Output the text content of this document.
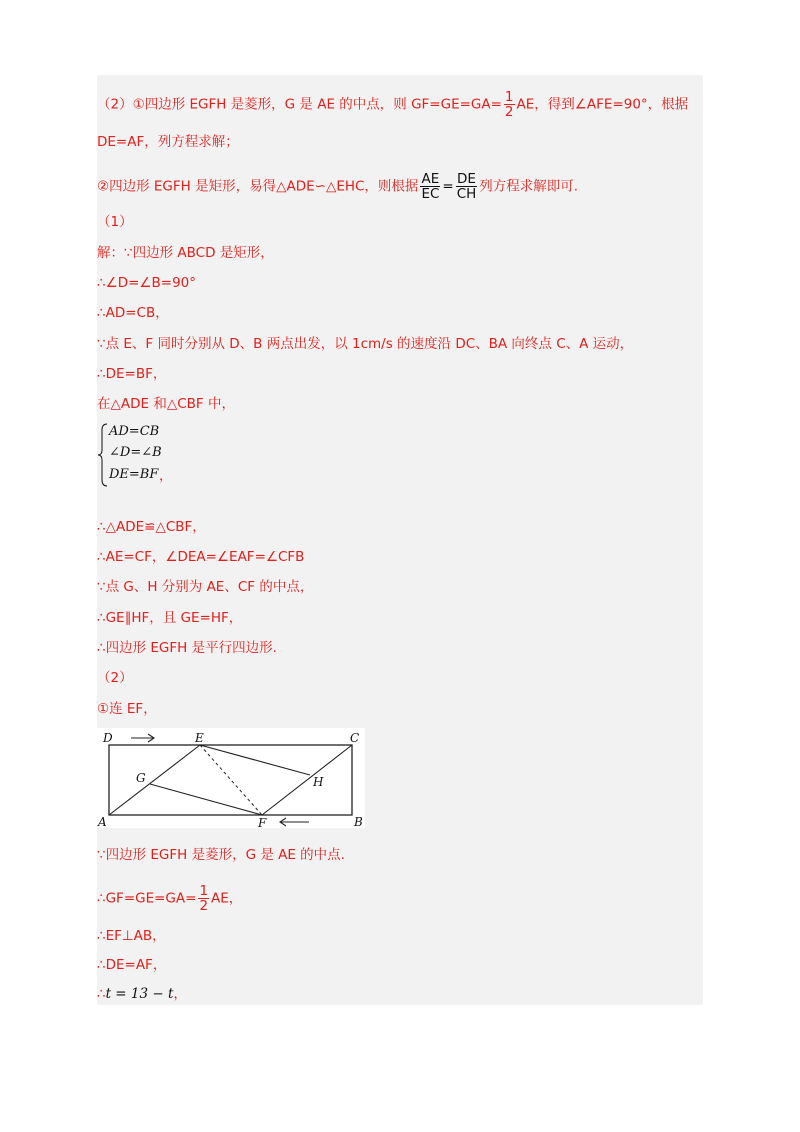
（2）①四边形 EGFH 是菱形，G 是 AE 的中点，则 $GF=GE=GA= \frac{1}{2}$ AE，得到∠AFE=90°，根据
DE=AF，列方程求解；
②四边形 EGFH 是矩形，易得△ADE∽△EHC，则根据 $\frac{AE}{EC} = \frac{DE}{CH}$ 列方程求解即可.
（1）
解：∵四边形 ABCD 是矩形，
∴∠D=∠B=90°
∴AD=CB，
∵点 E、F 同时分别从 D、B 两点出发，以 1cm/s 的速度沿 DC、BA 向终点 C、A 运动，
∴DE=BF，
在△ADE 和△CBF 中，
AD=CB
∠D=∠B
DE=BF ，
∴△ADE≌△CBF，
∴AE=CF，∠DEA=∠EAF=∠CFB
∵点 G、H 分别为 AE、CF 的中点，
∴GE∥HF，且 GE=HF，
∴四边形 EGFH 是平行四边形.
（2）
①连 EF，
D	E	C
G	H
A	F	B
∵四边形 EGFH 是菱形，G 是 AE 的中点.
∴GF=GE=GA= $\frac{1}{2}$ AE，
∴EF⊥AB，
∴DE=AF，
∴t = 13 − t，
